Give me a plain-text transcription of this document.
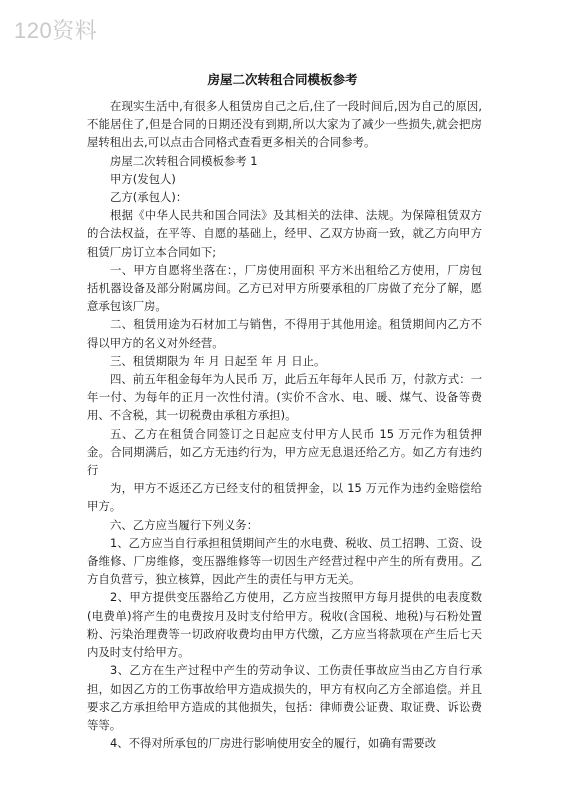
120资料
房屋二次转租合同模板参考

在现实生活中,有很多人租赁房自己之后,住了一段时间后,因为自己的原因,不能居住了,但是合同的日期还没有到期,所以大家为了减少一些损失,就会把房屋转租出去,可以点击合同格式查看更多相关的合同参考。

房屋二次转租合同模板参考 1

甲方(发包人)

乙方(承包人)：

根据《中华人民共和国合同法》及其相关的法律、法规。为保障租赁双方的合法权益，在平等、自愿的基础上，经甲、乙双方协商一致，就乙方向甲方租赁厂房订立本合同如下;

一、甲方自愿将坐落在：，厂房使用面积 平方米出租给乙方使用，厂房包括机器设备及部分附属房间。乙方已对甲方所要承租的厂房做了充分了解，愿意承包该厂房。

二、租赁用途为石材加工与销售，不得用于其他用途。租赁期间内乙方不得以甲方的名义对外经营。

三、租赁期限为 年 月 日起至 年 月 日止。

四、前五年租金每年为人民币 万，此后五年每年人民币 万，付款方式：一年一付、为每年的正月一次性付清。(实价不含水、电、暖、煤气、设备等费用、不含税，其一切税费由承租方承担)。

五、乙方在租赁合同签订之日起应支付甲方人民币 15 万元作为租赁押金。合同期满后，如乙方无违约行为，甲方应无息退还给乙方。如乙方有违约行

为，甲方不返还乙方已经支付的租赁押金，以 15 万元作为违约金赔偿给甲方。

六、乙方应当履行下列义务：

1、乙方应当自行承担租赁期间产生的水电费、税收、员工招聘、工资、设备维修、厂房维修，变压器维修等一切因生产经营过程中产生的所有费用。乙方自负营亏，独立核算，因此产生的责任与甲方无关。

2、甲方提供变压器给乙方使用，乙方应当按照甲方每月提供的电表度数(电费单)将产生的电费按月及时支付给甲方。税收(含国税、地税)与石粉处置粉、污染治理费等一切政府收费均由甲方代缴，乙方应当将款项在产生后七天内及时支付给甲方。

3、乙方在生产过程中产生的劳动争议、工伤责任事故应当由乙方自行承担，如因乙方的工伤事故给甲方造成损失的，甲方有权向乙方全部追偿。并且要求乙方承担给甲方造成的其他损失，包括：律师费公证费、取证费、诉讼费等等。

4、不得对所承包的厂房进行影响使用安全的履行，如确有需要改
